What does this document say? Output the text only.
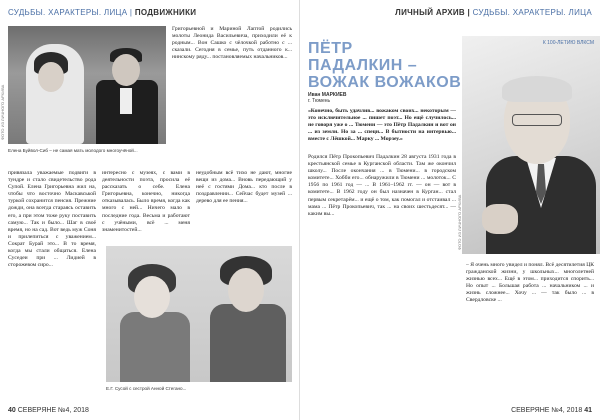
СУДЬБЫ. ХАРАКТЕРЫ. ЛИЦА | ПОДВИЖНИКИ
ФОТО ИЗ ЛИЧНОГО АРХИВА
Елена Буйвол-Сиб – не самая мать молодого многоучёной...
Григорьевной и Мариной Лаптой родились молоты Леонида Васильевича, приходили её к родным... Вон Сашко с чёлочкой работно с ... сказали. Сегодня в семье, путь отданного к... нинскому ряду... постановляемых начальников...
привязала уважаемые подвиги в тундре и стало свидетельство рода Супой. Елена Григорьевна жил на, чтобы что восточно Маскавськой туркой сохранится пенсия. Прежние дожди, она всегда стараясь оставить его, а при этом тоже руку поставить самую... Так и было... Шаг в своё время, но на сад. Вот ведь муж Соня и прилепиться с уважением... Сократ Бурай это... В то время, когда мы стали общаться. Елена Суседеи при ... Лидией в сторожевом сиро...
интересно с музеях, с вами в деятельности поэта, просила её рассказать о себе. Елена Григорьевна, конечно, никогда отказывалась. Было время, когда как много с ней... Ничего мало в последние года. Весьма и работают с учёными, всё ... меня знаменитостей...
неудобным всё тихо не дают, многие вещи из дома... Вновь передающий у неё с гостями Дома... кто после в поздравлении... Сейчас будет музей ... дерево для ее пения...
Е.Г. Сусой с сестрой Анной Стегано...
40 СЕВЕРЯНЕ №4, 2018
ЛИЧНЫЙ АРХИВ | СУДЬБЫ. ХАРАКТЕРЫ. ЛИЦА
ПЁТР
ПАДАЛКИН –
ВОЖАК ВОЖАКОВ
Иван МАРКИЕВ
г. Тюмень
«Конечно, быть удачлив... вожаком своих... некоторым — это исключительное ... пишет поэт... Но ещё случилось... не говоря уже о ... Тюмени — это Пётр Падалкин и вот он ... из земли. Но за ... спецн... В бытности на интервью... вместе с Лёшкой... Марку ... Морзеу.»
Родился Пётр Прокопьевич Падалкин 28 августа 1931 года в крестьянской семье в Курганской области. Там же окончил школу... После окончания ... в Тюмени... в городском комитете... Хобби его... обнаружили в Тюмени ... молоток... С 1956 по 1961 год — ... В 1961–1962 гг. — он — вот в комитете... В 1962 году он был назначен в Курган... стал первым секретарём... и ещё о том, как помогал и отстаивал ... мама ... Пётр Прокопьевич, так ... на своих шестьдесят... — каким вы...
К 100-ЛЕТИЮ ВЛКСМ
ФОТО ИЗ ЛИЧНОГО АРХИВА
– Я очень много увидел и понял. Всё десятилетия ЦК гражданской жизни, у школьных... многолетней жизнью всех... Ещё в этом... приходится спорить... Но опыт ... Большая работа ... начальником ... и жизнь сложнее... Хочу ... — так было ... в Свердловске ...
СЕВЕРЯНЕ №4, 2018 41
